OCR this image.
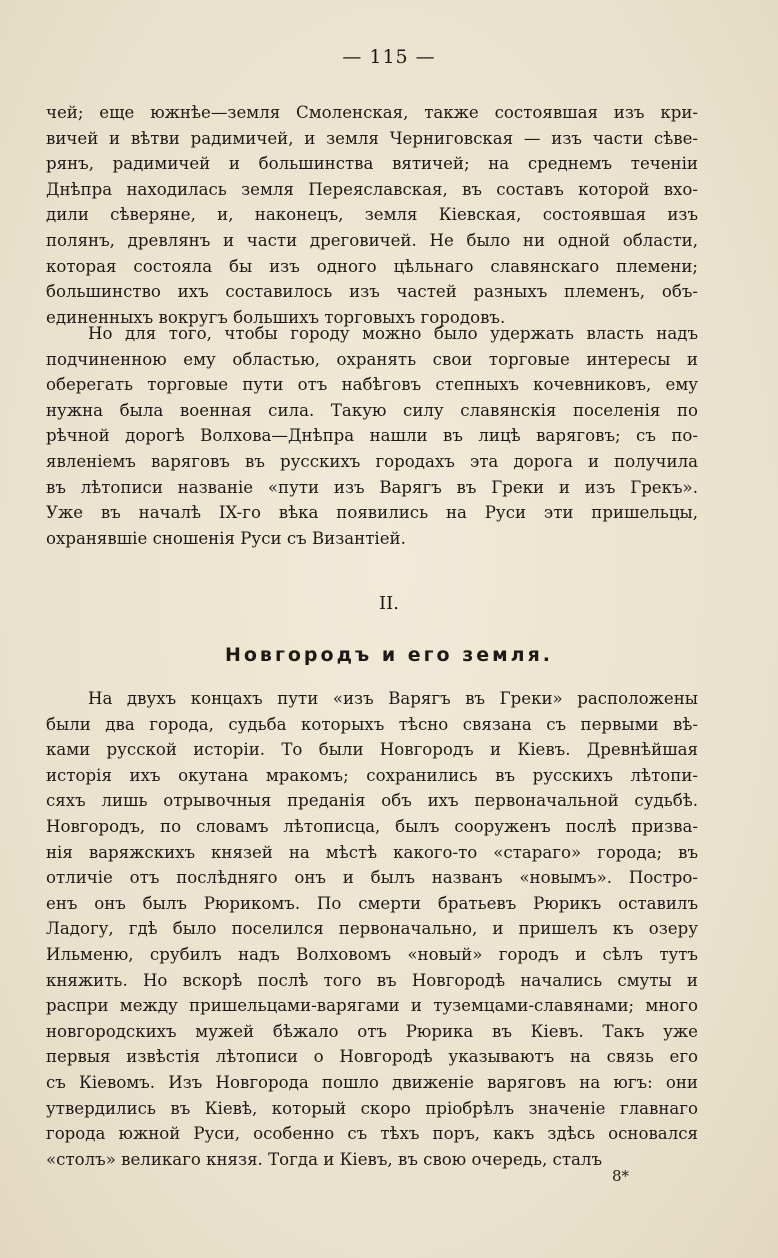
— 115 —
чей; еще южнѣе—земля Смоленская, также состоявшая изъ кри-
вичей и вѣтви радимичей, и земля Черниговская — изъ части сѣве-
рянъ, радимичей и большинства вятичей; на среднемъ теченiи
Днѣпра находилась земля Переяславская, въ составъ которой вхо-
дили сѣверяне, и, наконецъ, земля Кiевская, состоявшая изъ
полянъ, древлянъ и части дреговичей. Не было ни одной области,
которая состояла бы изъ одного цѣльнаго славянскаго племени;
большинство ихъ составилось изъ частей разныхъ племенъ, объ-
единенныхъ вокругъ большихъ торговыхъ городовъ.
Но для того, чтобы городу можно было удержать власть надъ
подчиненною ему областью, охранять свои торговые интересы и
оберегать торговые пути отъ набѣговъ степныхъ кочевниковъ, ему
нужна была военная сила. Такую силу славянскiя поселенiя по
рѣчной дорогѣ Волхова—Днѣпра нашли въ лицѣ варяговъ; съ по-
явленiемъ варяговъ въ русскихъ городахъ эта дорога и получила
въ лѣтописи названiе «пути изъ Варягъ въ Греки и изъ Грекъ».
Уже въ началѣ IX-го вѣка появились на Руси эти пришельцы,
охранявшiе сношенiя Руси съ Византiей.
II.
Новгородъ и его земля.
На двухъ концахъ пути «изъ Варягъ въ Греки» расположены
были два города, судьба которыхъ тѣсно связана съ первыми вѣ-
ками русской исторiи. То были Новгородъ и Кiевъ. Древнѣйшая
исторiя ихъ окутана мракомъ; сохранились въ русскихъ лѣтопи-
сяхъ лишь отрывочныя преданiя объ ихъ первоначальной судьбѣ.
Новгородъ, по словамъ лѣтописца, былъ сооруженъ послѣ призва-
нiя варяжскихъ князей на мѣстѣ какого-то «стараго» города; въ
отличiе отъ послѣдняго онъ и былъ названъ «новымъ». Постро-
енъ онъ былъ Рюрикомъ. По смерти братьевъ Рюрикъ оставилъ
Ладогу, гдѣ было поселился первоначально, и пришелъ къ озеру
Ильменю, срубилъ надъ Волховомъ «новый» городъ и сѣлъ тутъ
княжить. Но вскорѣ послѣ того въ Новгородѣ начались смуты и
распри между пришельцами-варягами и туземцами-славянами; много
новгородскихъ мужей бѣжало отъ Рюрика въ Кiевъ. Такъ уже
первыя извѣстiя лѣтописи о Новгородѣ указываютъ на связь его
съ Кiевомъ. Изъ Новгорода пошло движенiе варяговъ на югъ: они
утвердились въ Кiевѣ, который скоро прiобрѣлъ значенiе главнаго
города южной Руси, особенно съ тѣхъ поръ, какъ здѣсь основался
«столъ» великаго князя. Тогда и Кiевъ, въ свою очередь, сталъ
8*
